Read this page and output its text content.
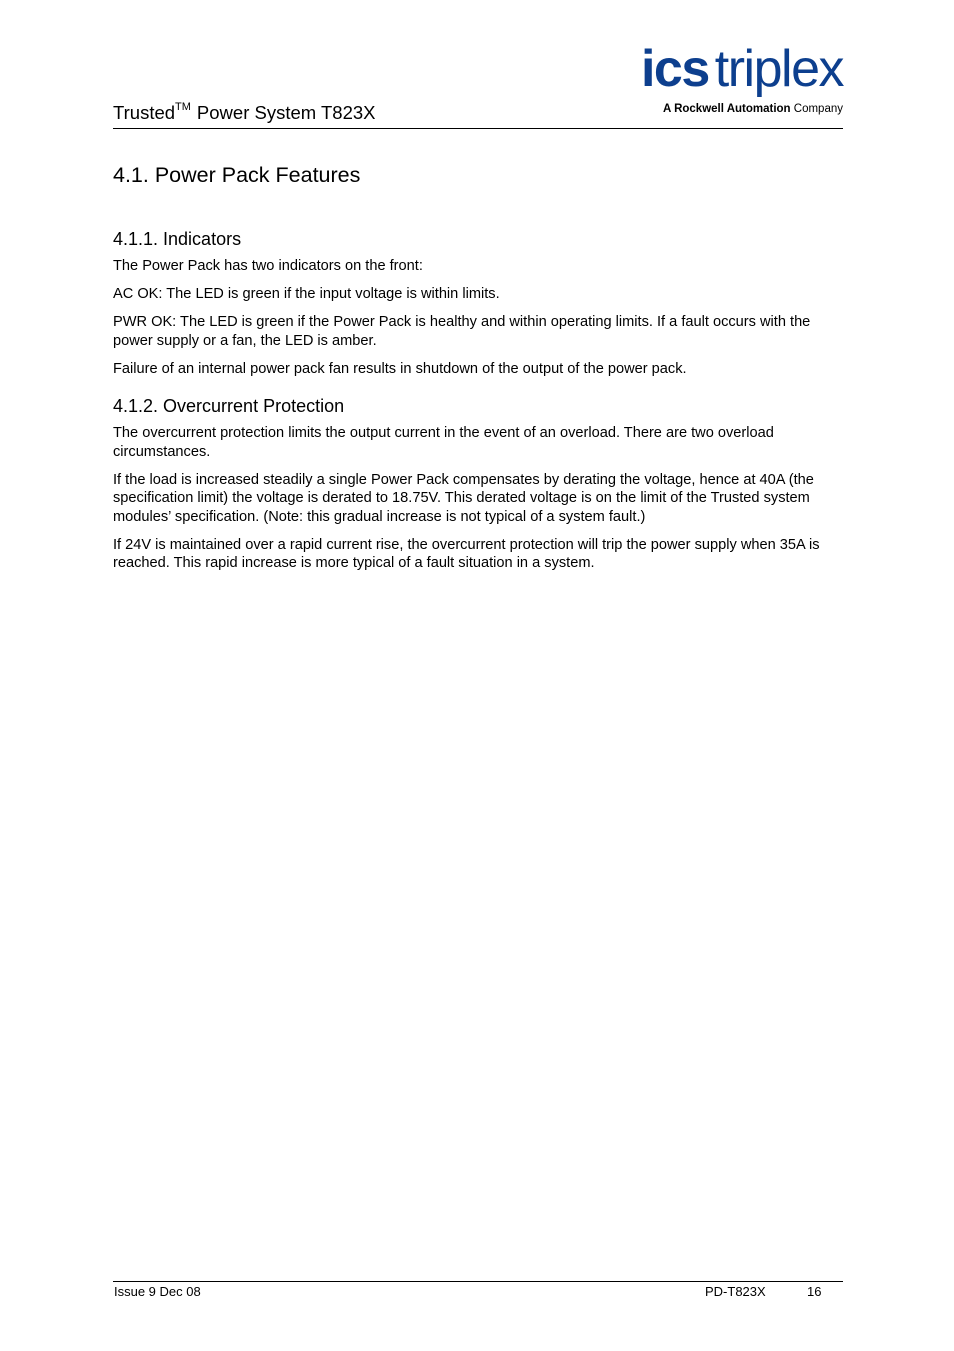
Trusted™ Power System T823X
ics triplex
A Rockwell Automation Company
4.1. Power Pack Features
4.1.1. Indicators

The Power Pack has two indicators on the front:

AC OK: The LED is green if the input voltage is within limits.

PWR OK: The LED is green if the Power Pack is healthy and within operating limits. If a fault occurs with the power supply or a fan, the LED is amber.

Failure of an internal power pack fan results in shutdown of the output of the power pack.

4.1.2. Overcurrent Protection

The overcurrent protection limits the output current in the event of an overload. There are two overload circumstances.

If the load is increased steadily a single Power Pack compensates by derating the voltage, hence at 40A (the specification limit) the voltage is derated to 18.75V. This derated voltage is on the limit of the Trusted system modules’ specification. (Note: this gradual increase is not typical of a system fault.)

If 24V is maintained over a rapid current rise, the overcurrent protection will trip the power supply when 35A is reached. This rapid increase is more typical of a fault situation in a system.

Issue 9 Dec 08	PD-T823X	16
